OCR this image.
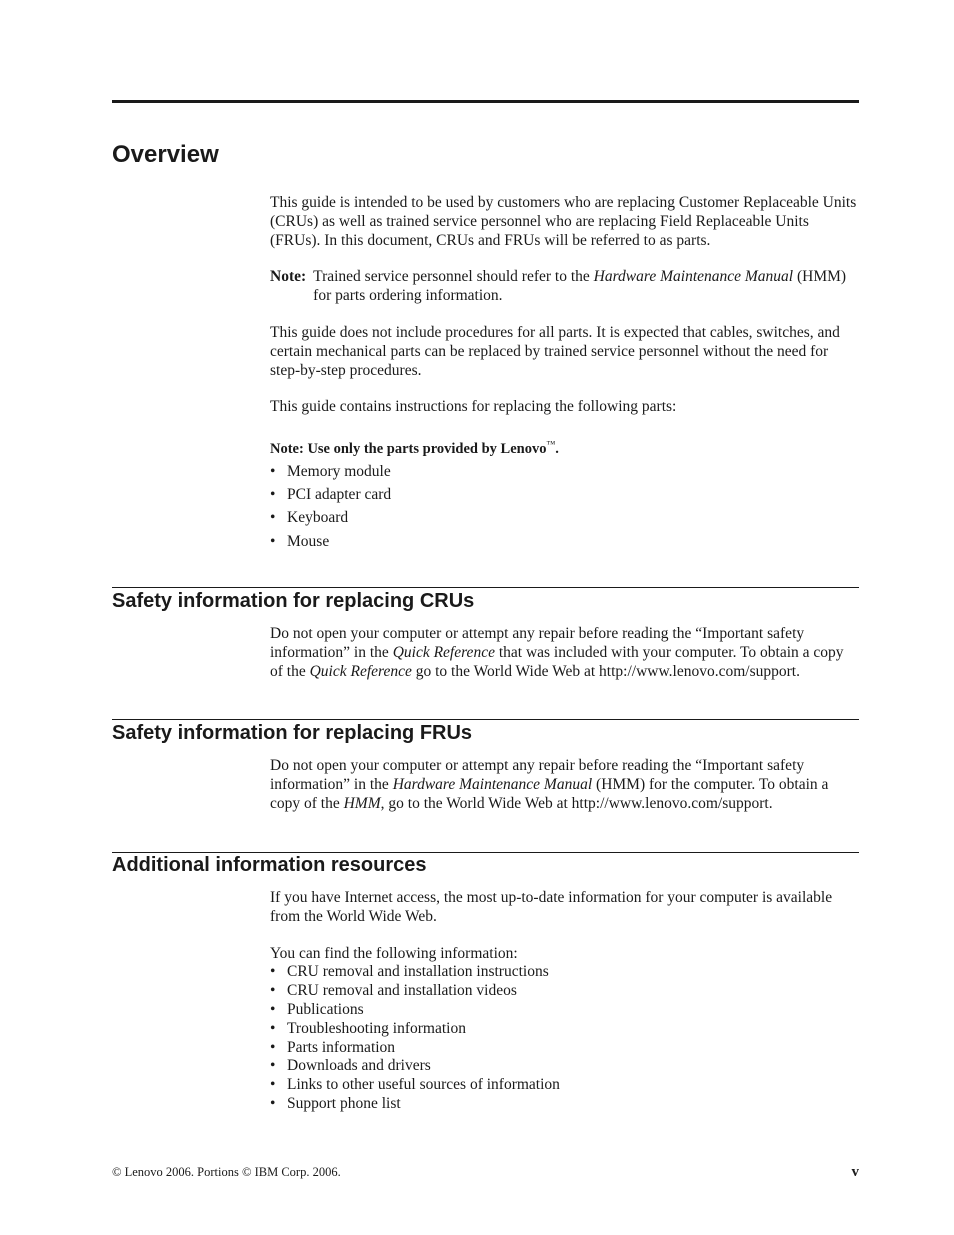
Overview

This guide is intended to be used by customers who are replacing Customer Replaceable Units (CRUs) as well as trained service personnel who are replacing Field Replaceable Units (FRUs). In this document, CRUs and FRUs will be referred to as parts.

Note: Trained service personnel should refer to the Hardware Maintenance Manual (HMM) for parts ordering information.

This guide does not include procedures for all parts. It is expected that cables, switches, and certain mechanical parts can be replaced by trained service personnel without the need for step-by-step procedures.

This guide contains instructions for replacing the following parts:

Note: Use only the parts provided by Lenovo™.
• Memory module
• PCI adapter card
• Keyboard
• Mouse
Safety information for replacing CRUs

Do not open your computer or attempt any repair before reading the “Important safety information” in the Quick Reference that was included with your computer. To obtain a copy of the Quick Reference go to the World Wide Web at http://www.lenovo.com/support.

Safety information for replacing FRUs

Do not open your computer or attempt any repair before reading the “Important safety information” in the Hardware Maintenance Manual (HMM) for the computer. To obtain a copy of the HMM, go to the World Wide Web at http://www.lenovo.com/support.

Additional information resources

If you have Internet access, the most up-to-date information for your computer is available from the World Wide Web.

You can find the following information:

• CRU removal and installation instructions
• CRU removal and installation videos
• Publications
• Troubleshooting information
• Parts information
• Downloads and drivers
• Links to other useful sources of information
• Support phone list
© Lenovo 2006. Portions © IBM Corp. 2006.	v
